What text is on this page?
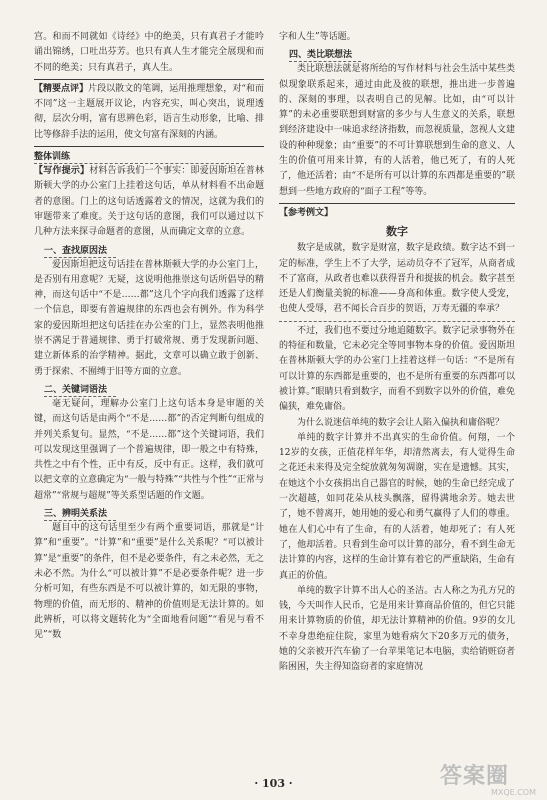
宫。和而不同就如《诗经》中的绝美，只有真君子才能吟诵出锦绣，口吐出芬芳。也只有真人生才能完全展现和而不同的绝美；只有真君子，真人生。

【精要点评】片段以散文的笔调，运用推理想象，对“和而不同”这一主题展开议论，内容充实，叫心突出，说理透彻，层次分明，富有思辨色彩，语言生动形象，比喻、排比等修辞手法的运用，使文句富有深刻的内涵。

整体训练

【写作提示】材料告诉我们一个事实：即爱因斯坦在普林斯顿大学的办公室门上挂着这句话，单从材料看不出命题者的意图。门上的这句话透露着文的情况，这就为我们的审题带来了难度。关于这句话的意图，我们可以通过以下几种方法来探寻命题者的意图，从而确定文章的立意。

一、查找原因法

爱因斯坦把这句话挂在普林斯顿大学的办公室门上，是否别有用意呢？无疑，这说明他推崇这句话所倡导的精神，而这句话中“不是……都”这几个字向我们透露了这样一个信息，即要有普遍规律的东西也会有例外。作为科学家的爱因斯坦把这句话挂在办公室的门上，显然表明他推崇不满足于普通规律、勇于打破常规、勇于发现新问题、建立新体系的治学精神。据此，文章可以确立敢于创新、勇于探索、不囿缚于旧等方面的立意。

二、关键词语法

毫无疑问，理解办公室门上这句话本身是审题的关键，而这句话是由两个“不是……都”的否定判断句组成的并列关系复句。显然，“不是……都”这个关键词语，我们可以发现这里强调了一个普遍规律，即一般之中有特殊，共性之中有个性，正中有反，反中有正。这样，我们就可以把文章的立意确定为“一般与特殊”“共性与个性”“正常与超常”“常规与超规”等关系型话题的作文题。

三、辨明关系法

题目中的这句话里至少有两个重要词语，那就是“计算”和“重要”。“计算”和“重要”是什么关系呢？“可以被计算”是“重要”的条件，但不是必要条件，有之未必然，无之未必不然。为什么“可以被计算”不是必要条件呢？进一步分析可知，有些东西是不可以被计算的，如无限的事物，物理的价值，而无形的、精神的价值则是无法计算的。如此辨析，可以将文题转化为“全面地看问题”“看见与看不见”“数

字和人生”等话题。

四、类比联想法

类比联想法就是将所给的写作材料与社会生活中某些类似现象联系起来，通过由此及彼的联想，推出进一步普遍的、深刻的事理，以表明自己的见解。比如，由“可以计算”的未必重要联想到财富的多少与人生意义的关系，联想到经济建设中一味追求经济指数，而忽视质量，忽视人文建设的种种现象；由“重要”的不可计算联想到生命的意义、人生的价值可用来计算，有的人活着，他已死了，有的人死了，他还活着；由“不是所有可以计算的东西都是重要的”联想到一些地方政府的“面子工程”等等。

【参考例文】

数字

数字是成就，数字是财富，数字是政绩。数字达不到一定的标准，学生上不了大学，运动员夺不了冠军，从商者成不了富商，从政者也难以获得晋升和提拔的机会。数字甚至还是人们衡量美貌的标准——身高和体重。数字使人受宠，也使人受辱，君不闻长合百步的贺语，万寿无疆的奉承？

不过，我们也不要过分地追随数字。数字记录事物外在的特征和数量，它未必完全等同事物本身的价值。爱因斯坦在普林斯顿大学的办公室门上挂着这样一句话：“不是所有可以计算的东西都是重要的，也不是所有重要的东西都可以被计算。”眼睛只看到数字，而看不到数字以外的价值，难免偏狭，难免庸俗。

为什么说迷信单纯的数字会让人陷入偏执和庸俗呢？

单纯的数字计算并不出真实的生命价值。何翔，一个12岁的女孩，正值花样年华，却清然离去，有人觉得生命之花还未来得及完全绽放就匆匆凋谢，实在是遗憾。其实，在她这个小女孩捐出自己器官的时候，她的生命已经完成了一次超越，如同花朵从枝头飘落，留得满地余芳。她去世了，她不曾离开，她用她的爱心和勇气赢得了人们的尊重。她在人们心中有了生命，有的人活着，她却死了；有人死了，他却活着。只看到生命可以计算的部分，看不到生命无法计算的内容，这样的生命计算有着它的严重缺陷，生命有真正的价值。

单纯的数字计算不出人心的圣洁。古人称之为孔方兄的钱，今天叫作人民币，它是用来计算商品价值的，但它只能用来计算物质的价值，却无法计算精神的价值。9岁的女儿不幸身患绝症住院，家里为她看病欠下20多万元的债务，她的父亲被开汽车偷了一台苹果笔记本电脑，卖给销赃窃者陷困困，失主得知盗窃者的家庭情况

· 103 ·	答案圈
MXQE.COM
